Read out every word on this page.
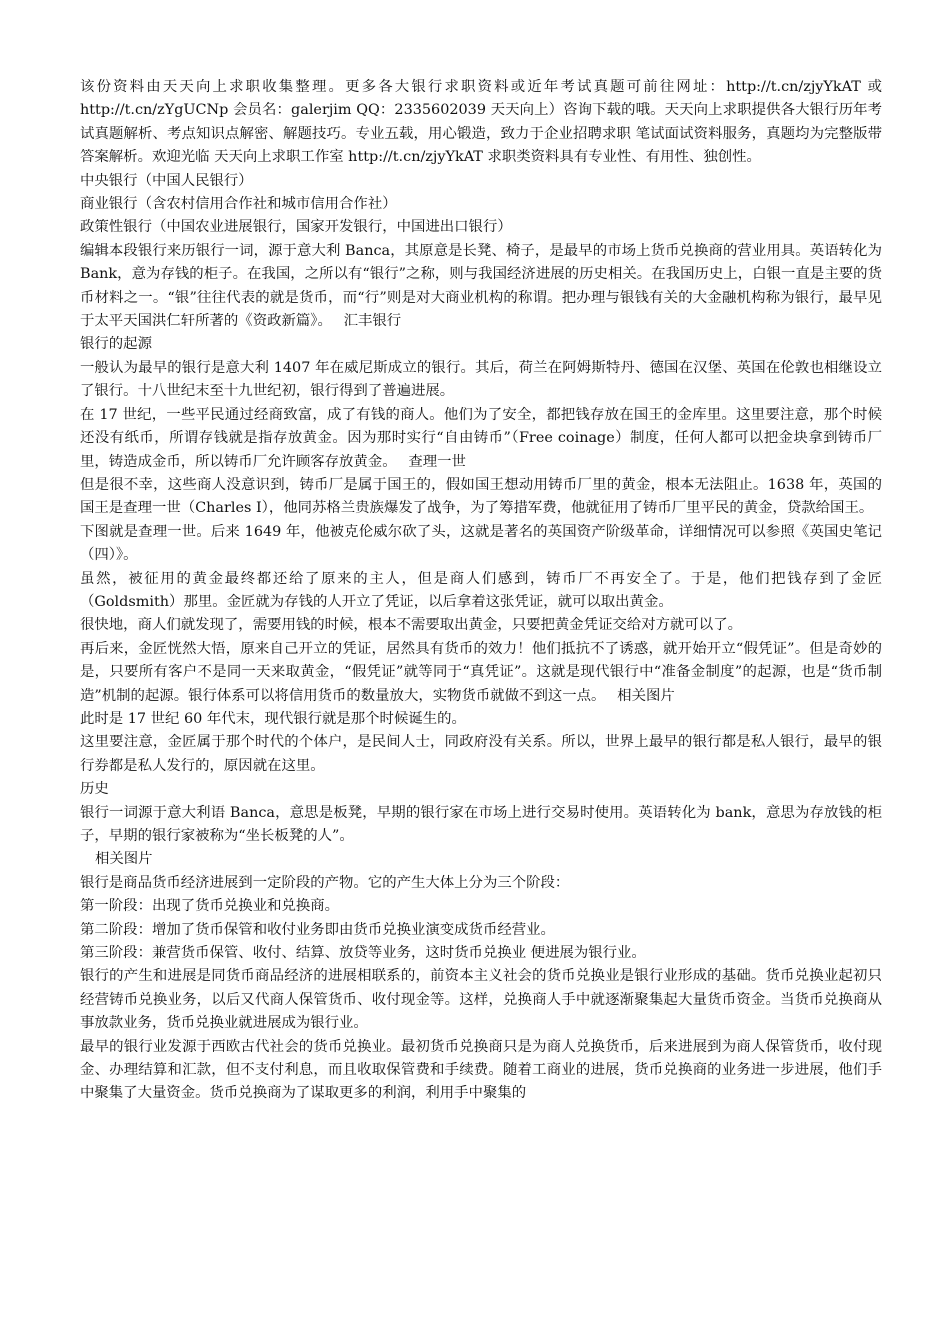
该份资料由天天向上求职收集整理。更多各大银行求职资料或近年考试真题可前往网址：http://t.cn/zjyYkAT 或 http://t.cn/zYgUCNp 会员名：galerjim QQ：2335602039 天天向上）咨询下载的哦。天天向上求职提供各大银行历年考试真题解析、考点知识点解密、解题技巧。专业五载，用心锻造，致力于企业招聘求职 笔试面试资料服务，真题均为完整版带答案解析。欢迎光临 天天向上求职工作室 http://t.cn/zjyYkAT 求职类资料具有专业性、有用性、独创性。

中央银行（中国人民银行）

商业银行（含农村信用合作社和城市信用合作社）

政策性银行（中国农业进展银行，国家开发银行，中国进出口银行）

编辑本段银行来历银行一词，源于意大利 Banca，其原意是长凳、椅子，是最早的市场上货币兑换商的营业用具。英语转化为 Bank，意为存钱的柜子。在我国，之所以有“银行”之称，则与我国经济进展的历史相关。在我国历史上，白银一直是主要的货币材料之一。“银”往往代表的就是货币，而“行”则是对大商业机构的称谓。把办理与银钱有关的大金融机构称为银行，最早见于太平天国洪仁轩所著的《资政新篇》。　 汇丰银行

银行的起源

一般认为最早的银行是意大利 1407 年在威尼斯成立的银行。其后，荷兰在阿姆斯特丹、德国在汉堡、英国在伦敦也相继设立了银行。十八世纪末至十九世纪初，银行得到了普遍进展。

在 17 世纪，一些平民通过经商致富，成了有钱的商人。他们为了安全，都把钱存放在国王的金库里。这里要注意，那个时候还没有纸币，所谓存钱就是指存放黄金。因为那时实行“自由铸币”（Free coinage）制度，任何人都可以把金块拿到铸币厂里，铸造成金币，所以铸币厂允许顾客存放黄金。　 查理一世

但是很不幸，这些商人没意识到，铸币厂是属于国王的，假如国王想动用铸币厂里的黄金，根本无法阻止。1638 年，英国的国王是查理一世（Charles I），他同苏格兰贵族爆发了战争，为了筹措军费，他就征用了铸币厂里平民的黄金，贷款给国王。

下图就是查理一世。后来 1649 年，他被克伦威尔砍了头，这就是著名的英国资产阶级革命，详细情况可以参照《英国史笔记（四）》。

虽然，被征用的黄金最终都还给了原来的主人，但是商人们感到，铸币厂不再安全了。于是，他们把钱存到了金匠（Goldsmith）那里。金匠就为存钱的人开立了凭证，以后拿着这张凭证，就可以取出黄金。

很快地，商人们就发现了，需要用钱的时候，根本不需要取出黄金，只要把黄金凭证交给对方就可以了。

再后来，金匠恍然大悟，原来自己开立的凭证，居然具有货币的效力！他们抵抗不了诱惑，就开始开立“假凭证”。但是奇妙的是，只要所有客户不是同一天来取黄金，“假凭证”就等同于“真凭证”。这就是现代银行中“准备金制度”的起源，也是“货币制造”机制的起源。银行体系可以将信用货币的数量放大，实物货币就做不到这一点。　 相关图片

此时是 17 世纪 60 年代末，现代银行就是那个时候诞生的。

这里要注意，金匠属于那个时代的个体户，是民间人士，同政府没有关系。所以，世界上最早的银行都是私人银行，最早的银行券都是私人发行的，原因就在这里。

历史

银行一词源于意大利语 Banca，意思是板凳，早期的银行家在市场上进行交易时使用。英语转化为 bank，意思为存放钱的柜子，早期的银行家被称为“坐长板凳的人”。

相关图片

银行是商品货币经济进展到一定阶段的产物。它的产生大体上分为三个阶段：

第一阶段：出现了货币兑换业和兑换商。

第二阶段：增加了货币保管和收付业务即由货币兑换业演变成货币经营业。

第三阶段：兼营货币保管、收付、结算、放贷等业务，这时货币兑换业 便进展为银行业。

银行的产生和进展是同货币商品经济的进展相联系的，前资本主义社会的货币兑换业是银行业形成的基础。货币兑换业起初只经营铸币兑换业务，以后又代商人保管货币、收付现金等。这样，兑换商人手中就逐渐聚集起大量货币资金。当货币兑换商从事放款业务，货币兑换业就进展成为银行业。

最早的银行业发源于西欧古代社会的货币兑换业。最初货币兑换商只是为商人兑换货币，后来进展到为商人保管货币，收付现金、办理结算和汇款，但不支付利息，而且收取保管费和手续费。随着工商业的进展，货币兑换商的业务进一步进展，他们手中聚集了大量资金。货币兑换商为了谋取更多的利润，利用手中聚集的
